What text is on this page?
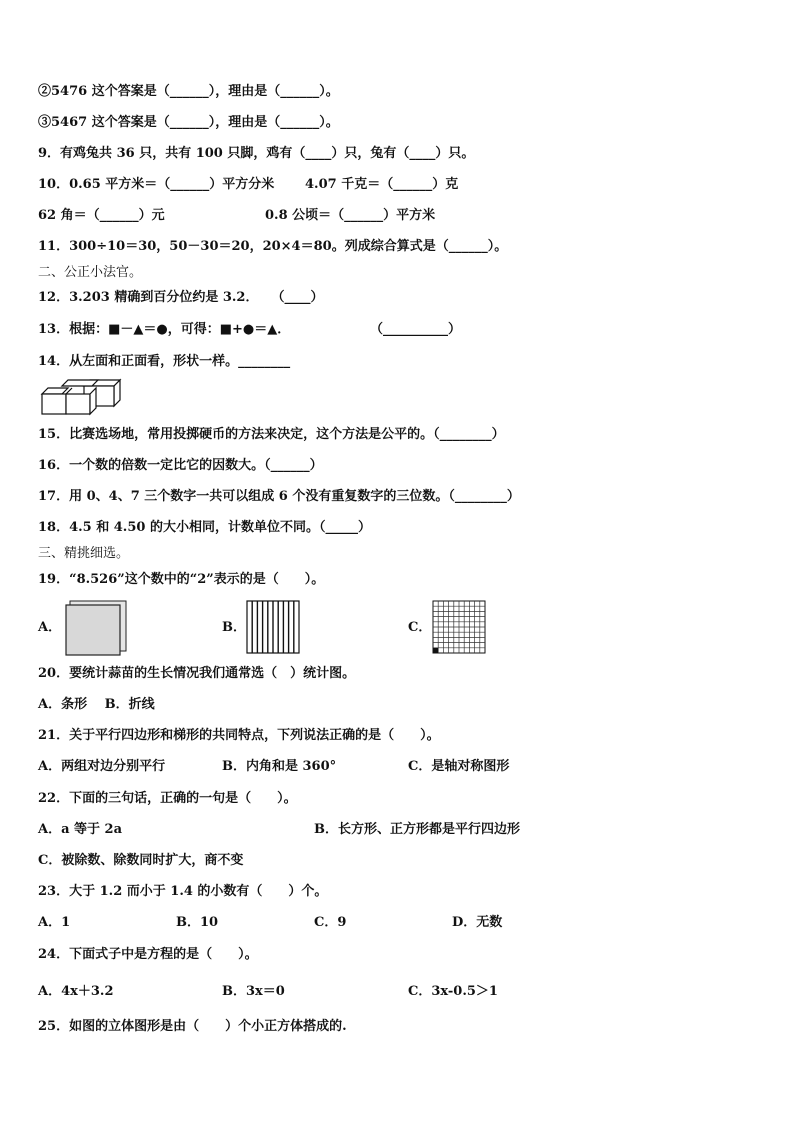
②5476 这个答案是（______），理由是（______）。
③5467 这个答案是（______），理由是（______）。
9．有鸡兔共 36 只，共有 100 只脚，鸡有（____）只，兔有（____）只。
10．0.65 平方米＝（______）平方分米 4.07 千克＝（______）克
62 角＝（______）元	0.8 公顷＝（______）平方米
11．300÷10＝30，50－30＝20，20×4＝80。列成综合算式是（______）。
二、公正小法官。
12．3.203 精确到百分位约是 3.2．　　（____）
13．根据：■－▲＝●，可得：■+●＝▲．	（__________）
14．从左面和正面看，形状一样。________
15．比赛选场地，常用投掷硬币的方法来决定，这个方法是公平的。（________）
16．一个数的倍数一定比它的因数大。（______）
17．用 0、4、7 三个数字一共可以组成 6 个没有重复数字的三位数。（________）
18．4.5 和 4.50 的大小相同，计数单位不同。（_____）
三、精挑细选。
19．“8.526”这个数中的“2”表示的是（　　）。
A．	B．	C．
20．要统计蒜苗的生长情况我们通常选（　）统计图。
A．条形　 B．折线
21．关于平行四边形和梯形的共同特点，下列说法正确的是（　　）。
A．两组对边分别平行	B．内角和是 360°	C．是轴对称图形
22．下面的三句话，正确的一句是（　　）。
A．a 等于 2a	B．长方形、正方形都是平行四边形
C．被除数、除数同时扩大，商不变
23．大于 1.2 而小于 1.4 的小数有（　　）个。
A．1	B．10	C．9	D．无数
24．下面式子中是方程的是（　　）。
A．4x＋3.2	B．3x＝0	C．3x-0.5＞1
25．如图的立体图形是由（　　）个小正方体搭成的.
